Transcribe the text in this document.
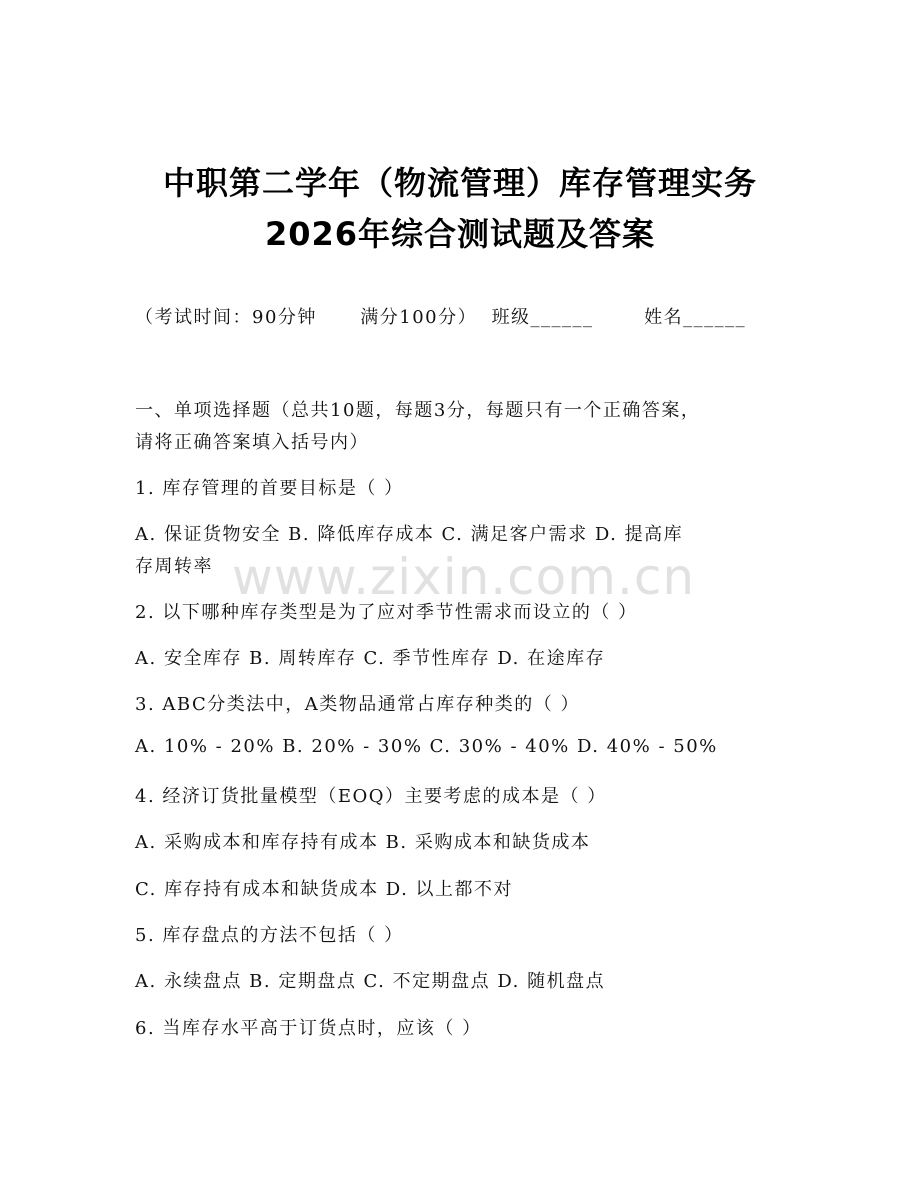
中职第二学年（物流管理）库存管理实务
2026年综合测试题及答案
（考试时间：90分钟 满分100分） 班级______	姓名______
一、单项选择题（总共10题，每题3分，每题只有一个正确答案，
请将正确答案填入括号内）
1. 库存管理的首要目标是（ ）
A. 保证货物安全 B. 降低库存成本 C. 满足客户需求 D. 提高库
存周转率
2. 以下哪种库存类型是为了应对季节性需求而设立的（ ）
A. 安全库存 B. 周转库存 C. 季节性库存 D. 在途库存
3. ABC分类法中，A类物品通常占库存种类的（ ）
A. 10% - 20% B. 20% - 30% C. 30% - 40% D. 40% - 50%
4. 经济订货批量模型（EOQ）主要考虑的成本是（ ）
A. 采购成本和库存持有成本 B. 采购成本和缺货成本
C. 库存持有成本和缺货成本 D. 以上都不对
5. 库存盘点的方法不包括（ ）
A. 永续盘点 B. 定期盘点 C. 不定期盘点 D. 随机盘点
6. 当库存水平高于订货点时，应该（ ）
www.zixin.com.cn
